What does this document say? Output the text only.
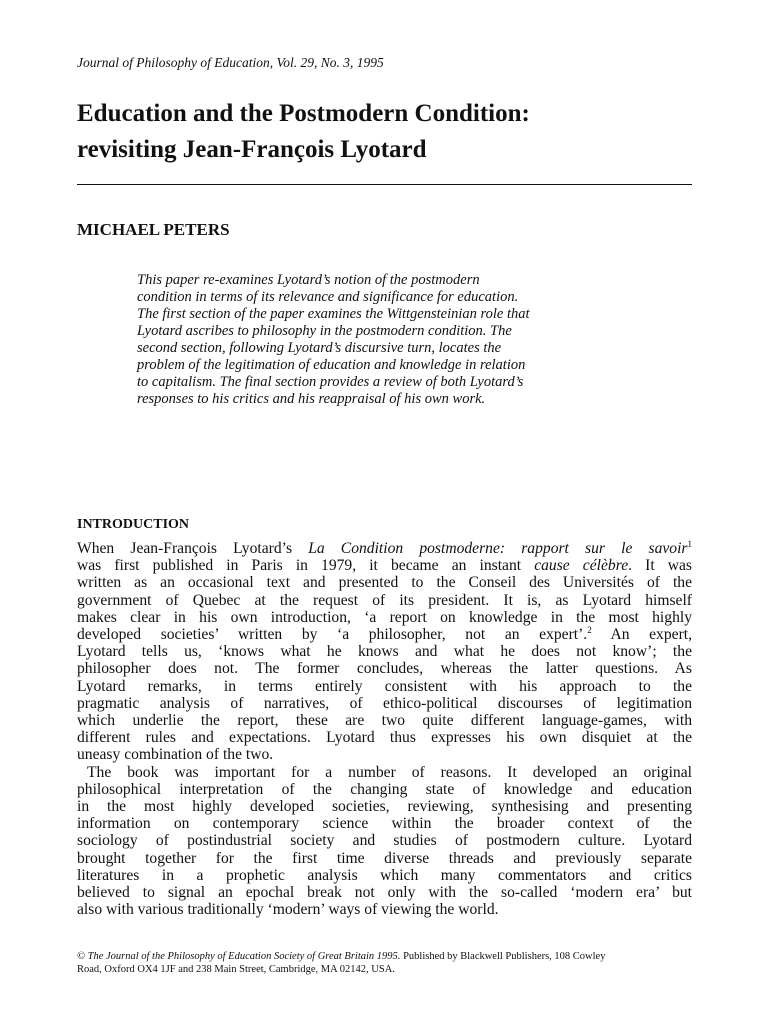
Journal of Philosophy of Education, Vol. 29, No. 3, 1995
Education and the Postmodern Condition:
revisiting Jean-François Lyotard
MICHAEL PETERS
This paper re-examines Lyotard’s notion of the postmodern
condition in terms of its relevance and significance for education.
The first section of the paper examines the Wittgensteinian role that
Lyotard ascribes to philosophy in the postmodern condition. The
second section, following Lyotard’s discursive turn, locates the
problem of the legitimation of education and knowledge in relation
to capitalism. The final section provides a review of both Lyotard’s
responses to his critics and his reappraisal of his own work.
INTRODUCTION
When Jean-François Lyotard’s La Condition postmoderne: rapport sur le savoir$^1$
was first published in Paris in 1979, it became an instant cause célèbre. It was
written as an occasional text and presented to the Conseil des Universités of the
government of Quebec at the request of its president. It is, as Lyotard himself
makes clear in his own introduction, ‘a report on knowledge in the most highly
developed societies’ written by ‘a philosopher, not an expert’.$^2$ An expert,
Lyotard tells us, ‘knows what he knows and what he does not know’; the
philosopher does not. The former concludes, whereas the latter questions. As
Lyotard remarks, in terms entirely consistent with his approach to the
pragmatic analysis of narratives, of ethico-political discourses of legitimation
which underlie the report, these are two quite different language-games, with
different rules and expectations. Lyotard thus expresses his own disquiet at the
uneasy combination of the two.
The book was important for a number of reasons. It developed an original
philosophical interpretation of the changing state of knowledge and education
in the most highly developed societies, reviewing, synthesising and presenting
information on contemporary science within the broader context of the
sociology of postindustrial society and studies of postmodern culture. Lyotard
brought together for the first time diverse threads and previously separate
literatures in a prophetic analysis which many commentators and critics
believed to signal an epochal break not only with the so-called ‘modern era’ but
also with various traditionally ‘modern’ ways of viewing the world.
© The Journal of the Philosophy of Education Society of Great Britain 1995. Published by Blackwell Publishers, 108 Cowley
Road, Oxford OX4 1JF and 238 Main Street, Cambridge, MA 02142, USA.
